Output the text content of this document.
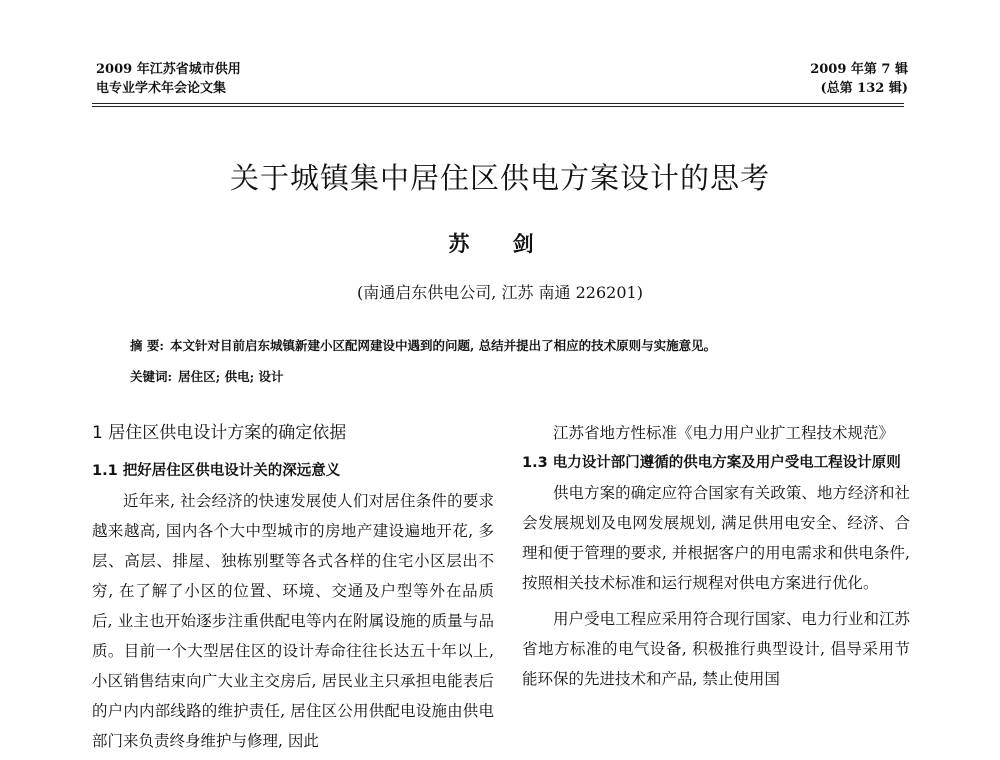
2009 年江苏省城市供用
电专业学术年会论文集
2009 年第 7 辑
(总第 132 辑)
关于城镇集中居住区供电方案设计的思考
苏 剑
(南通启东供电公司, 江苏 南通 226201)
摘 要: 本文针对目前启东城镇新建小区配网建设中遇到的问题, 总结并提出了相应的技术原则与实施意见。
关键词: 居住区; 供电; 设计
1 居住区供电设计方案的确定依据
1.1 把好居住区供电设计关的深远意义

近年来, 社会经济的快速发展使人们对居住条件的要求越来越高, 国内各个大中型城市的房地产建设遍地开花, 多层、高层、排屋、独栋别墅等各式各样的住宅小区层出不穷, 在了解了小区的位置、环境、交通及户型等外在品质后, 业主也开始逐步注重供配电等内在附属设施的质量与品质。目前一个大型居住区的设计寿命往往长达五十年以上, 小区销售结束向广大业主交房后, 居民业主只承担电能表后的户内内部线路的维护责任, 居住区公用供配电设施由供电部门来负责终身维护与修理, 因此

江苏省地方性标准《电力用户业扩工程技术规范》

1.3 电力设计部门遵循的供电方案及用户受电工程设计原则

供电方案的确定应符合国家有关政策、地方经济和社会发展规划及电网发展规划, 满足供用电安全、经济、合理和便于管理的要求, 并根据客户的用电需求和供电条件, 按照相关技术标准和运行规程对供电方案进行优化。

用户受电工程应采用符合现行国家、电力行业和江苏省地方标准的电气设备, 积极推行典型设计, 倡导采用节能环保的先进技术和产品, 禁止使用国
